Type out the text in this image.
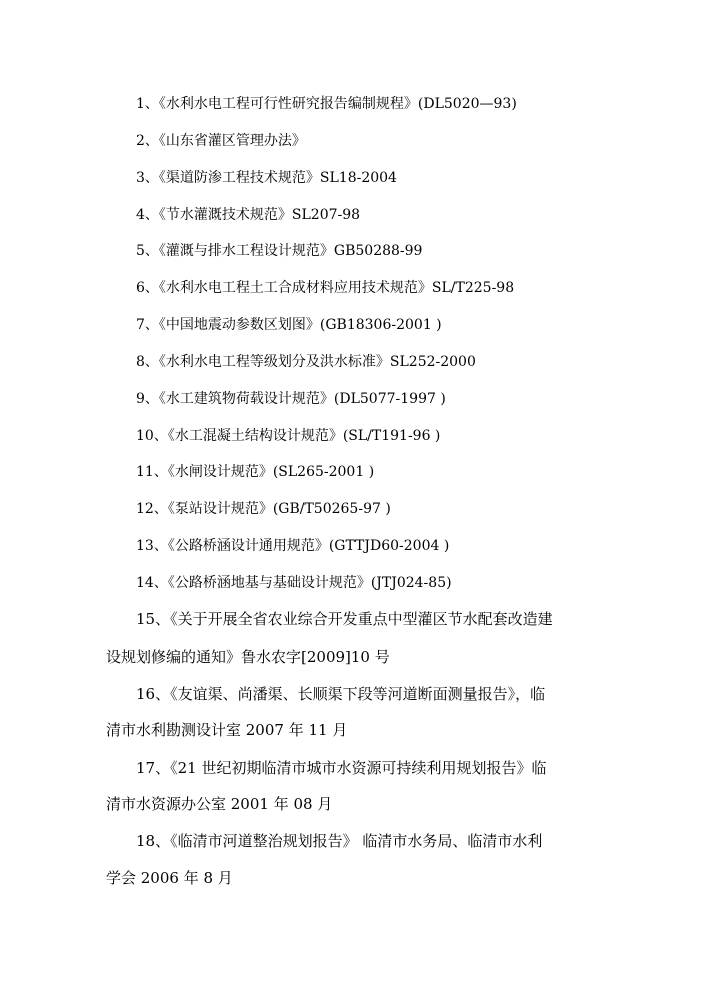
1、《水利水电工程可行性研究报告编制规程》(DL5020—93)
2、《山东省灌区管理办法》
3、《渠道防渗工程技术规范》SL18-2004
4、《节水灌溉技术规范》SL207-98
5、《灌溉与排水工程设计规范》GB50288-99
6、《水利水电工程土工合成材料应用技术规范》SL/T225-98
7、《中国地震动参数区划图》(GB18306-2001 )
8、《水利水电工程等级划分及洪水标准》SL252-2000
9、《水工建筑物荷载设计规范》(DL5077-1997 )
10、《水工混凝土结构设计规范》(SL/T191-96 )
11、《水闸设计规范》(SL265-2001 )
12、《泵站设计规范》(GB/T50265-97 )
13、《公路桥涵设计通用规范》(GTTJD60-2004 )
14、《公路桥涵地基与基础设计规范》(JTJ024-85)
15、《关于开展全省农业综合开发重点中型灌区节水配套改造建
设规划修编的通知》鲁水农字[2009]10 号
16、《友谊渠、尚潘渠、长顺渠下段等河道断面测量报告》，临
清市水利勘测设计室 2007 年 11 月
17、《21 世纪初期临清市城市水资源可持续利用规划报告》临
清市水资源办公室 2001 年 08 月
18、《临清市河道整治规划报告》 临清市水务局、临清市水利
学会 2006 年 8 月
